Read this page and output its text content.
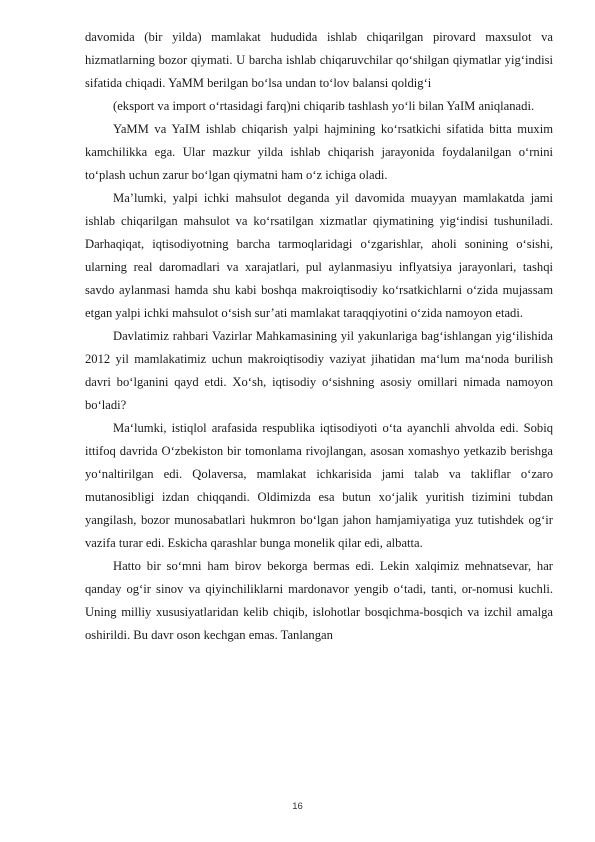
davomida (bir yilda) mamlakat hududida ishlab chiqarilgan pirovard maxsulot va hizmatlarning bozor qiymati. U barcha ishlab chiqaruvchilar qo‘shilgan qiymatlar yig‘indisi sifatida chiqadi. YaMM berilgan bo‘lsa undan to‘lov balansi qoldig‘i

(eksport va import o‘rtasidagi farq)ni chiqarib tashlash yo‘li bilan YaIM aniqlanadi.

YaMM va YaIM ishlab chiqarish yalpi hajmining ko‘rsatkichi sifatida bitta muxim kamchilikka ega. Ular mazkur yilda ishlab chiqarish jarayonida foydalanilgan o‘rnini to‘plash uchun zarur bo‘lgan qiymatni ham o‘z ichiga oladi.

Ma’lumki, yalpi ichki mahsulot deganda yil davomida muayyan mamlakatda jami ishlab chiqarilgan mahsulot va ko‘rsatilgan xizmatlar qiymatining yig‘indisi tushuniladi. Darhaqiqat, iqtisodiyotning barcha tarmoqlaridagi o‘zgarishlar, aholi sonining o‘sishi, ularning real daromadlari va xarajatlari, pul aylanmasiyu inflyatsiya jarayonlari, tashqi savdo aylanmasi hamda shu kabi boshqa makroiqtisodiy ko‘rsatkichlarni o‘zida mujassam etgan yalpi ichki mahsulot o‘sish sur’ati mamlakat taraqqiyotini o‘zida namoyon etadi.

Davlatimiz rahbari Vazirlar Mahkamasining yil yakunlariga bag‘ishlangan yig‘ilishida 2012 yil mamlakatimiz uchun makroiqtisodiy vaziyat jihatidan ma‘lum ma‘noda burilish davri bo‘lganini qayd etdi. Xo‘sh, iqtisodiy o‘sishning asosiy omillari nimada namoyon bo‘ladi?

Ma‘lumki, istiqlol arafasida respublika iqtisodiyoti o‘ta ayanchli ahvolda edi. Sobiq ittifoq davrida O‘zbekiston bir tomonlama rivojlangan, asosan xomashyo yetkazib berishga yo‘naltirilgan edi. Qolaversa, mamlakat ichkarisida jami talab va takliflar o‘zaro mutanosibligi izdan chiqqandi. Oldimizda esa butun xo‘jalik yuritish tizimini tubdan yangilash, bozor munosabatlari hukmron bo‘lgan jahon hamjamiyatiga yuz tutishdek og‘ir vazifa turar edi. Eskicha qarashlar bunga monelik qilar edi, albatta.

Hatto bir so‘mni ham birov bekorga bermas edi. Lekin xalqimiz mehnatsevar, har qanday og‘ir sinov va qiyinchiliklarni mardonavor yengib o‘tadi, tanti, or-nomusi kuchli. Uning milliy xususiyatlaridan kelib chiqib, islohotlar bosqichma-bosqich va izchil amalga oshirildi. Bu davr oson kechgan emas. Tanlangan

16
